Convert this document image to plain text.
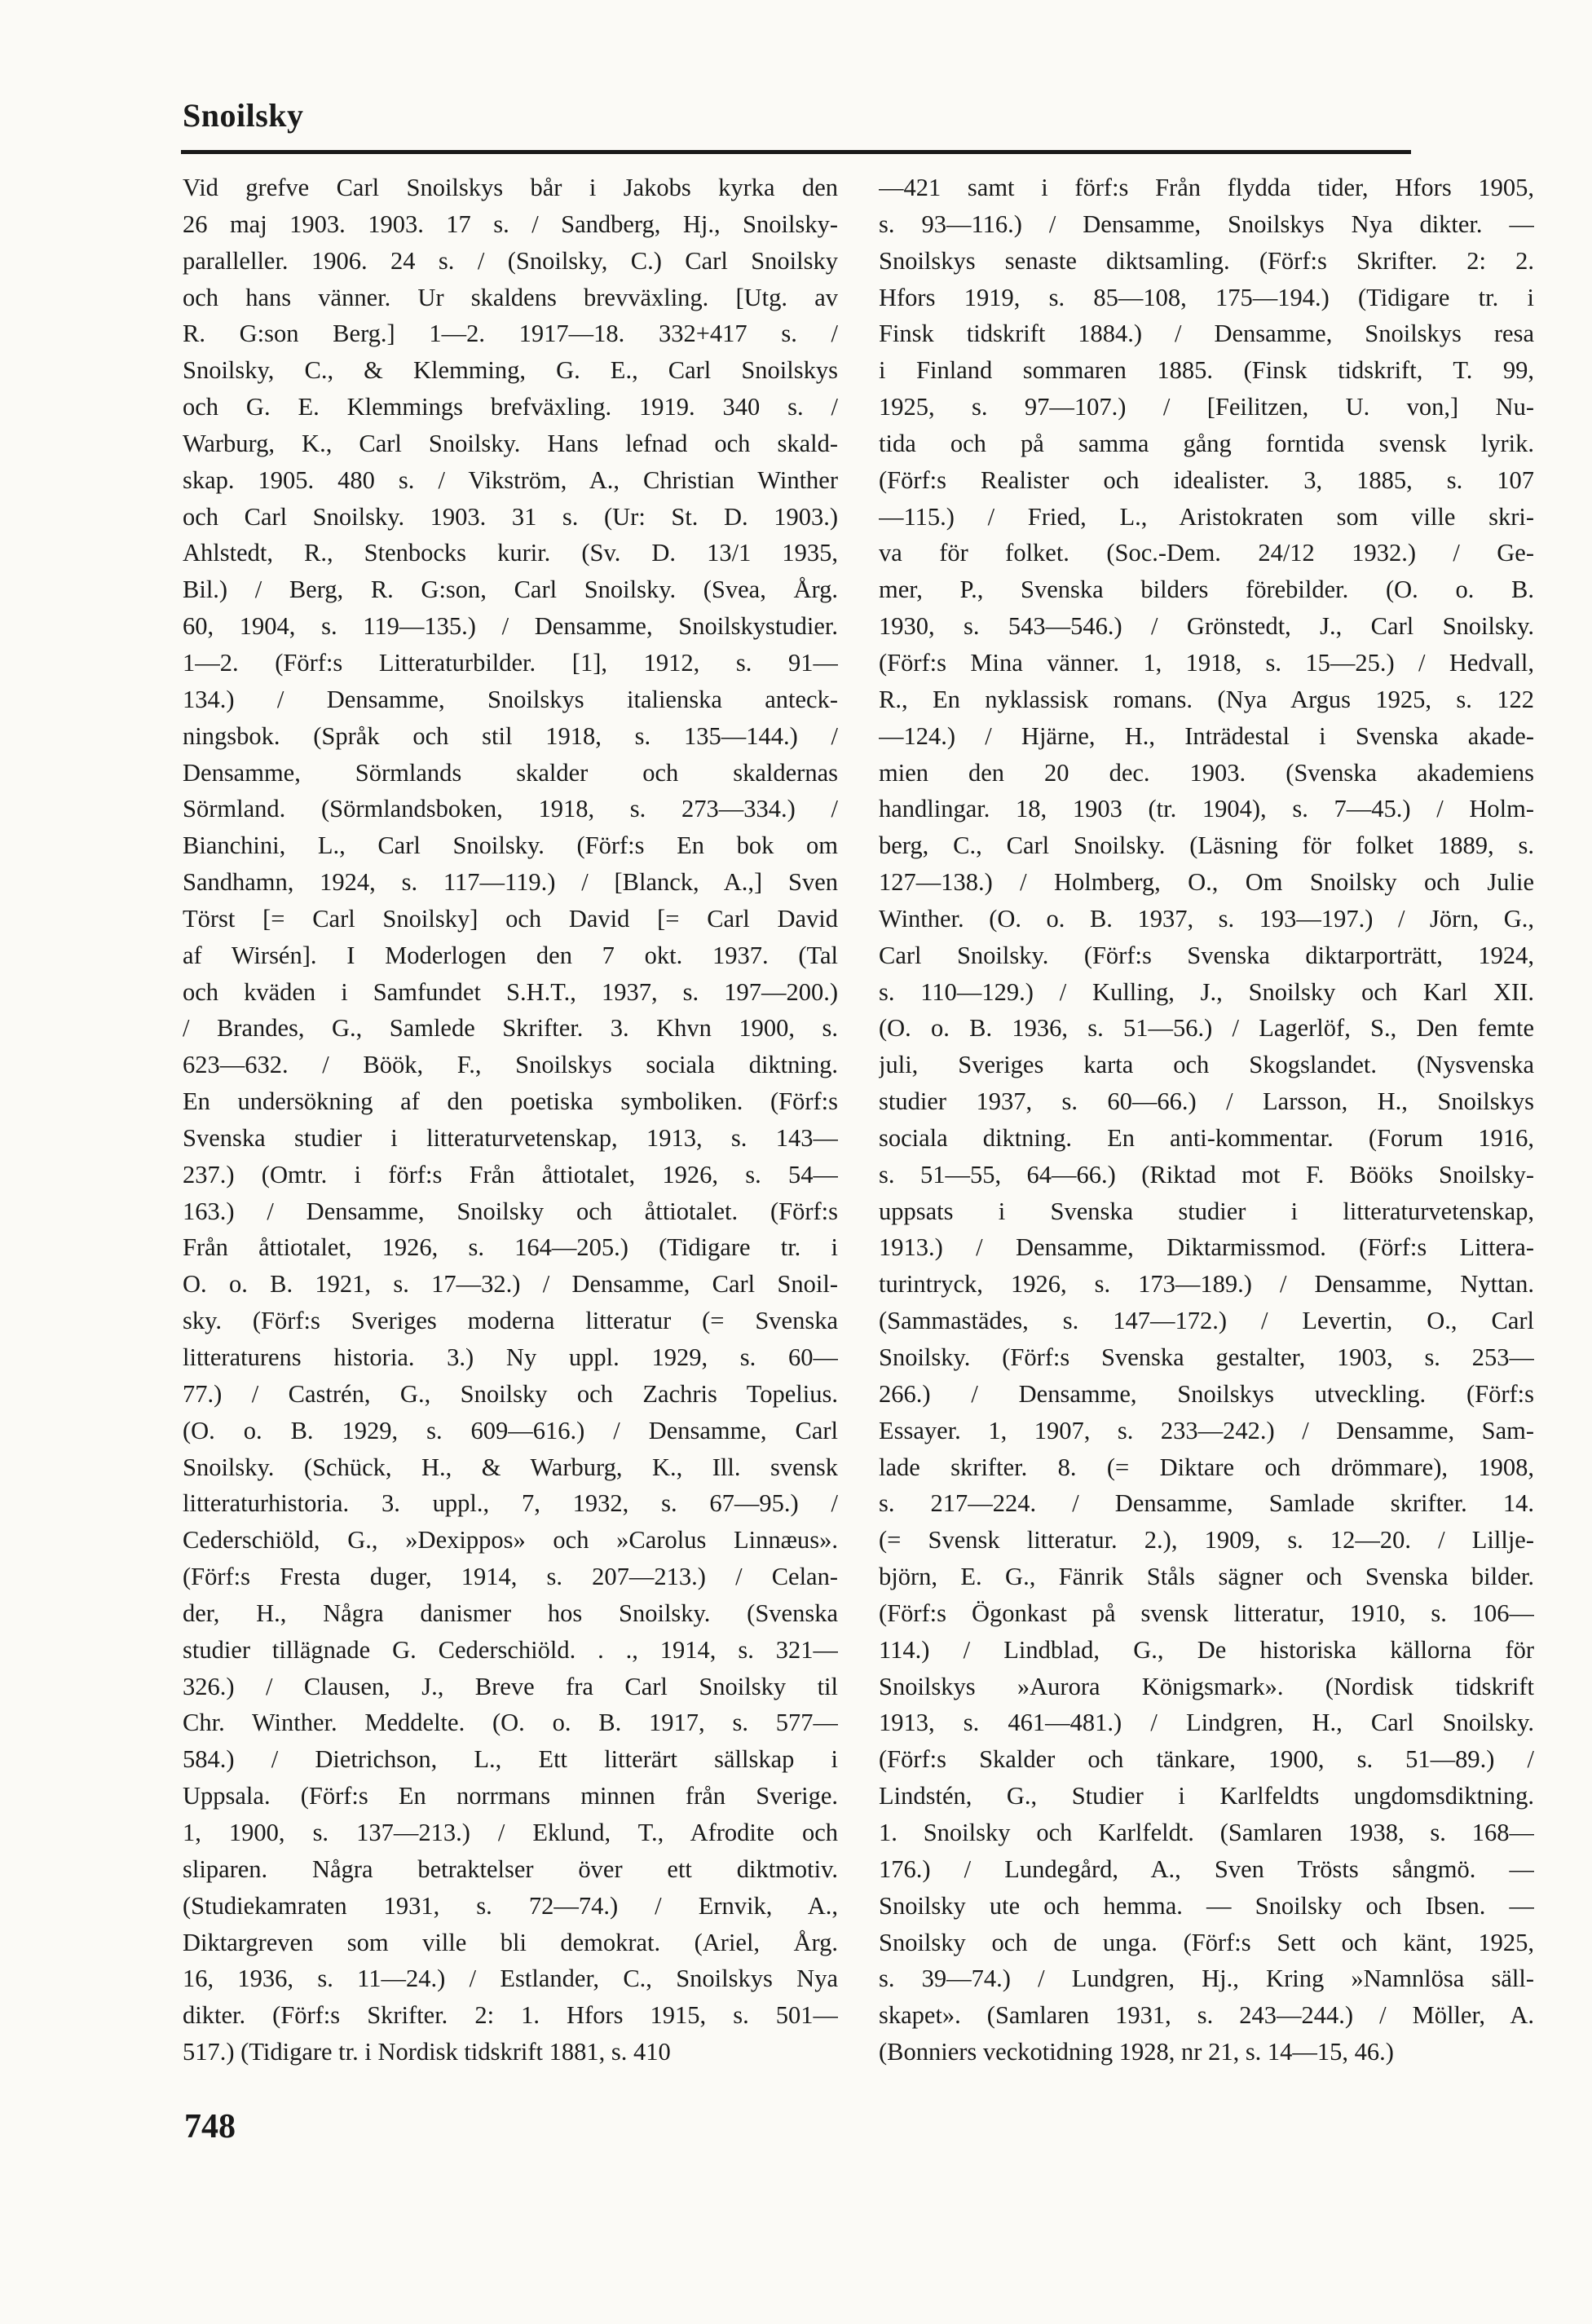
Snoilsky
Vid grefve Carl Snoilskys bår i Jakobs kyrka den
26 maj 1903. 1903. 17 s. / Sandberg, Hj., Snoilsky-
paralleller. 1906. 24 s. / (Snoilsky, C.) Carl Snoilsky
och hans vänner. Ur skaldens brevväxling. [Utg. av
R. G:son Berg.] 1—2. 1917—18. 332+417 s. /
Snoilsky, C., & Klemming, G. E., Carl Snoilskys
och G. E. Klemmings brefväxling. 1919. 340 s. /
Warburg, K., Carl Snoilsky. Hans lefnad och skald-
skap. 1905. 480 s. / Vikström, A., Christian Winther
och Carl Snoilsky. 1903. 31 s. (Ur: St. D. 1903.)
Ahlstedt, R., Stenbocks kurir. (Sv. D. 13/1 1935,
Bil.) / Berg, R. G:son, Carl Snoilsky. (Svea, Årg.
60, 1904, s. 119—135.) / Densamme, Snoilskystudier.
1—2. (Förf:s Litteraturbilder. [1], 1912, s. 91—
134.) / Densamme, Snoilskys italienska anteck-
ningsbok. (Språk och stil 1918, s. 135—144.) /
Densamme, Sörmlands skalder och skaldernas
Sörmland. (Sörmlandsboken, 1918, s. 273—334.) /
Bianchini, L., Carl Snoilsky. (Förf:s En bok om
Sandhamn, 1924, s. 117—119.) / [Blanck, A.,] Sven
Törst [= Carl Snoilsky] och David [= Carl David
af Wirsén]. I Moderlogen den 7 okt. 1937. (Tal
och kväden i Samfundet S.H.T., 1937, s. 197—200.)
/ Brandes, G., Samlede Skrifter. 3. Khvn 1900, s.
623—632. / Böök, F., Snoilskys sociala diktning.
En undersökning af den poetiska symboliken. (Förf:s
Svenska studier i litteraturvetenskap, 1913, s. 143—
237.) (Omtr. i förf:s Från åttiotalet, 1926, s. 54—
163.) / Densamme, Snoilsky och åttiotalet. (Förf:s
Från åttiotalet, 1926, s. 164—205.) (Tidigare tr. i
O. o. B. 1921, s. 17—32.) / Densamme, Carl Snoil-
sky. (Förf:s Sveriges moderna litteratur (= Svenska
litteraturens historia. 3.) Ny uppl. 1929, s. 60—
77.) / Castrén, G., Snoilsky och Zachris Topelius.
(O. o. B. 1929, s. 609—616.) / Densamme, Carl
Snoilsky. (Schück, H., & Warburg, K., Ill. svensk
litteraturhistoria. 3. uppl., 7, 1932, s. 67—95.) /
Cederschiöld, G., »Dexippos» och »Carolus Linnæus».
(Förf:s Fresta duger, 1914, s. 207—213.) / Celan-
der, H., Några danismer hos Snoilsky. (Svenska
studier tillägnade G. Cederschiöld. . ., 1914, s. 321—
326.) / Clausen, J., Breve fra Carl Snoilsky til
Chr. Winther. Meddelte. (O. o. B. 1917, s. 577—
584.) / Dietrichson, L., Ett litterärt sällskap i
Uppsala. (Förf:s En norrmans minnen från Sverige.
1, 1900, s. 137—213.) / Eklund, T., Afrodite och
sliparen. Några betraktelser över ett diktmotiv.
(Studiekamraten 1931, s. 72—74.) / Ernvik, A.,
Diktargreven som ville bli demokrat. (Ariel, Årg.
16, 1936, s. 11—24.) / Estlander, C., Snoilskys Nya
dikter. (Förf:s Skrifter. 2: 1. Hfors 1915, s. 501—
517.) (Tidigare tr. i Nordisk tidskrift 1881, s. 410
—421 samt i förf:s Från flydda tider, Hfors 1905,
s. 93—116.) / Densamme, Snoilskys Nya dikter. —
Snoilskys senaste diktsamling. (Förf:s Skrifter. 2: 2.
Hfors 1919, s. 85—108, 175—194.) (Tidigare tr. i
Finsk tidskrift 1884.) / Densamme, Snoilskys resa
i Finland sommaren 1885. (Finsk tidskrift, T. 99,
1925, s. 97—107.) / [Feilitzen, U. von,] Nu-
tida och på samma gång forntida svensk lyrik.
(Förf:s Realister och idealister. 3, 1885, s. 107
—115.) / Fried, L., Aristokraten som ville skri-
va för folket. (Soc.-Dem. 24/12 1932.) / Ge-
mer, P., Svenska bilders förebilder. (O. o. B.
1930, s. 543—546.) / Grönstedt, J., Carl Snoilsky.
(Förf:s Mina vänner. 1, 1918, s. 15—25.) / Hedvall,
R., En nyklassisk romans. (Nya Argus 1925, s. 122
—124.) / Hjärne, H., Inträdestal i Svenska akade-
mien den 20 dec. 1903. (Svenska akademiens
handlingar. 18, 1903 (tr. 1904), s. 7—45.) / Holm-
berg, C., Carl Snoilsky. (Läsning för folket 1889, s.
127—138.) / Holmberg, O., Om Snoilsky och Julie
Winther. (O. o. B. 1937, s. 193—197.) / Jörn, G.,
Carl Snoilsky. (Förf:s Svenska diktarporträtt, 1924,
s. 110—129.) / Kulling, J., Snoilsky och Karl XII.
(O. o. B. 1936, s. 51—56.) / Lagerlöf, S., Den femte
juli, Sveriges karta och Skogslandet. (Nysvenska
studier 1937, s. 60—66.) / Larsson, H., Snoilskys
sociala diktning. En anti-kommentar. (Forum 1916,
s. 51—55, 64—66.) (Riktad mot F. Bööks Snoilsky-
uppsats i Svenska studier i litteraturvetenskap,
1913.) / Densamme, Diktarmissmod. (Förf:s Littera-
turintryck, 1926, s. 173—189.) / Densamme, Nyttan.
(Sammastädes, s. 147—172.) / Levertin, O., Carl
Snoilsky. (Förf:s Svenska gestalter, 1903, s. 253—
266.) / Densamme, Snoilskys utveckling. (Förf:s
Essayer. 1, 1907, s. 233—242.) / Densamme, Sam-
lade skrifter. 8. (= Diktare och drömmare), 1908,
s. 217—224. / Densamme, Samlade skrifter. 14.
(= Svensk litteratur. 2.), 1909, s. 12—20. / Lillje-
björn, E. G., Fänrik Ståls sägner och Svenska bilder.
(Förf:s Ögonkast på svensk litteratur, 1910, s. 106—
114.) / Lindblad, G., De historiska källorna för
Snoilskys »Aurora Königsmark». (Nordisk tidskrift
1913, s. 461—481.) / Lindgren, H., Carl Snoilsky.
(Förf:s Skalder och tänkare, 1900, s. 51—89.) /
Lindstén, G., Studier i Karlfeldts ungdomsdiktning.
1. Snoilsky och Karlfeldt. (Samlaren 1938, s. 168—
176.) / Lundegård, A., Sven Trösts sångmö. —
Snoilsky ute och hemma. — Snoilsky och Ibsen. —
Snoilsky och de unga. (Förf:s Sett och känt, 1925,
s. 39—74.) / Lundgren, Hj., Kring »Namnlösa säll-
skapet». (Samlaren 1931, s. 243—244.) / Möller, A.
(Bonniers veckotidning 1928, nr 21, s. 14—15, 46.)
748
